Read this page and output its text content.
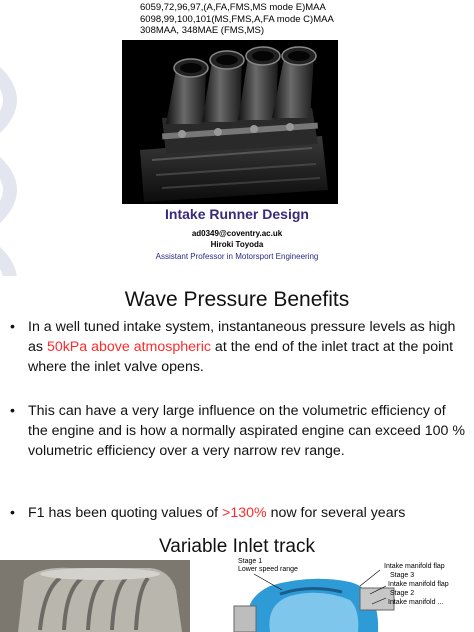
6059,72,96,97,(A,FA,FMS,MS mode E)MAA
6098,99,100,101(MS,FMS,A,FA mode C)MAA
308MAA, 348MAE (FMS,MS)
Intake Runner Design
ad0349@coventry.ac.uk
Hiroki Toyoda
Assistant Professor in Motorsport Engineering
Wave Pressure Benefits
• In a well tuned intake system, instantaneous pressure levels as high as 50kPa above atmospheric at the end of the inlet tract at the point where the inlet valve opens.
• This can have a very large influence on the volumetric efficiency of the engine and is how a normally aspirated engine can exceed 100 % volumetric efficiency over a very narrow rev range.
• F1 has been quoting values of >130% now for several years
Variable Inlet track
Stage 1
Lower speed range	Intake manifold flap
Stage 3
Intake manifold flap
Stage 2
Intake manifold ...
